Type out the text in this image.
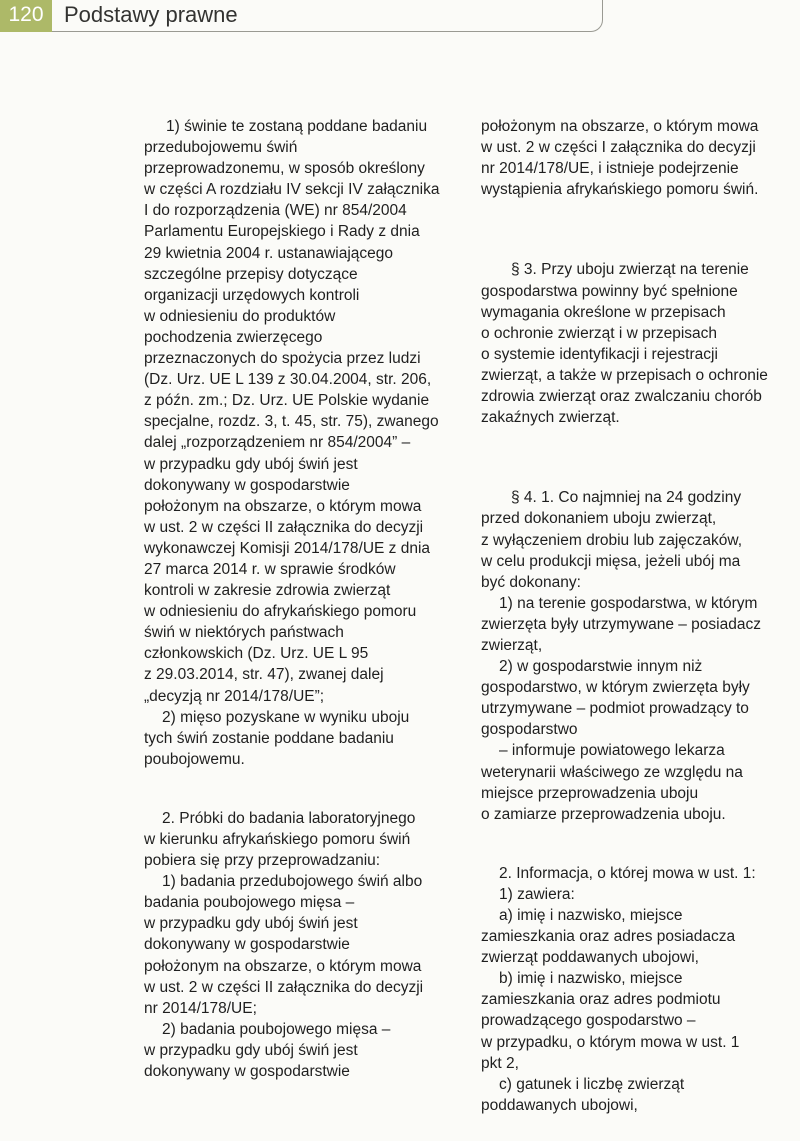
120 Podstawy prawne

1) świnie te zostaną poddane badaniu

przedubojowemu świń

przeprowadzonemu, w sposób określony

w części A rozdziału IV sekcji IV załącznika

I do rozporządzenia (WE) nr 854/2004

Parlamentu Europejskiego i Rady z dnia

29 kwietnia 2004 r. ustanawiającego

szczególne przepisy dotyczące

organizacji urzędowych kontroli

w odniesieniu do produktów

pochodzenia zwierzęcego

przeznaczonych do spożycia przez ludzi

(Dz. Urz. UE L 139 z 30.04.2004, str. 206,

z późn. zm.; Dz. Urz. UE Polskie wydanie

specjalne, rozdz. 3, t. 45, str. 75), zwanego

dalej „rozporządzeniem nr 854/2004” –

w przypadku gdy ubój świń jest

dokonywany w gospodarstwie

położonym na obszarze, o którym mowa

w ust. 2 w części II załącznika do decyzji

wykonawczej Komisji 2014/178/UE z dnia

27 marca 2014 r. w sprawie środków

kontroli w zakresie zdrowia zwierząt

w odniesieniu do afrykańskiego pomoru

świń w niektórych państwach

członkowskich (Dz. Urz. UE L 95

z 29.03.2014, str. 47), zwanej dalej

„decyzją nr 2014/178/UE”;

2) mięso pozyskane w wyniku uboju

tych świń zostanie poddane badaniu

poubojowemu.

2. Próbki do badania laboratoryjnego

w kierunku afrykańskiego pomoru świń

pobiera się przy przeprowadzaniu:

1) badania przedubojowego świń albo

badania poubojowego mięsa –

w przypadku gdy ubój świń jest

dokonywany w gospodarstwie

położonym na obszarze, o którym mowa

w ust. 2 w części II załącznika do decyzji

nr 2014/178/UE;

2) badania poubojowego mięsa –

w przypadku gdy ubój świń jest

dokonywany w gospodarstwie

położonym na obszarze, o którym mowa

w ust. 2 w części I załącznika do decyzji

nr 2014/178/UE, i istnieje podejrzenie

wystąpienia afrykańskiego pomoru świń.

§ 3. Przy uboju zwierząt na terenie

gospodarstwa powinny być spełnione

wymagania określone w przepisach

o ochronie zwierząt i w przepisach

o systemie identyfikacji i rejestracji

zwierząt, a także w przepisach o ochronie

zdrowia zwierząt oraz zwalczaniu chorób

zakaźnych zwierząt.

§ 4. 1. Co najmniej na 24 godziny

przed dokonaniem uboju zwierząt,

z wyłączeniem drobiu lub zajęczaków,

w celu produkcji mięsa, jeżeli ubój ma

być dokonany:

1) na terenie gospodarstwa, w którym

zwierzęta były utrzymywane – posiadacz

zwierząt,

2) w gospodarstwie innym niż

gospodarstwo, w którym zwierzęta były

utrzymywane – podmiot prowadzący to

gospodarstwo

– informuje powiatowego lekarza

weterynarii właściwego ze względu na

miejsce przeprowadzenia uboju

o zamiarze przeprowadzenia uboju.

2. Informacja, o której mowa w ust. 1:

1) zawiera:

a) imię i nazwisko, miejsce

zamieszkania oraz adres posiadacza

zwierząt poddawanych ubojowi,

b) imię i nazwisko, miejsce

zamieszkania oraz adres podmiotu

prowadzącego gospodarstwo –

w przypadku, o którym mowa w ust. 1

pkt 2,

c) gatunek i liczbę zwierząt

poddawanych ubojowi,
